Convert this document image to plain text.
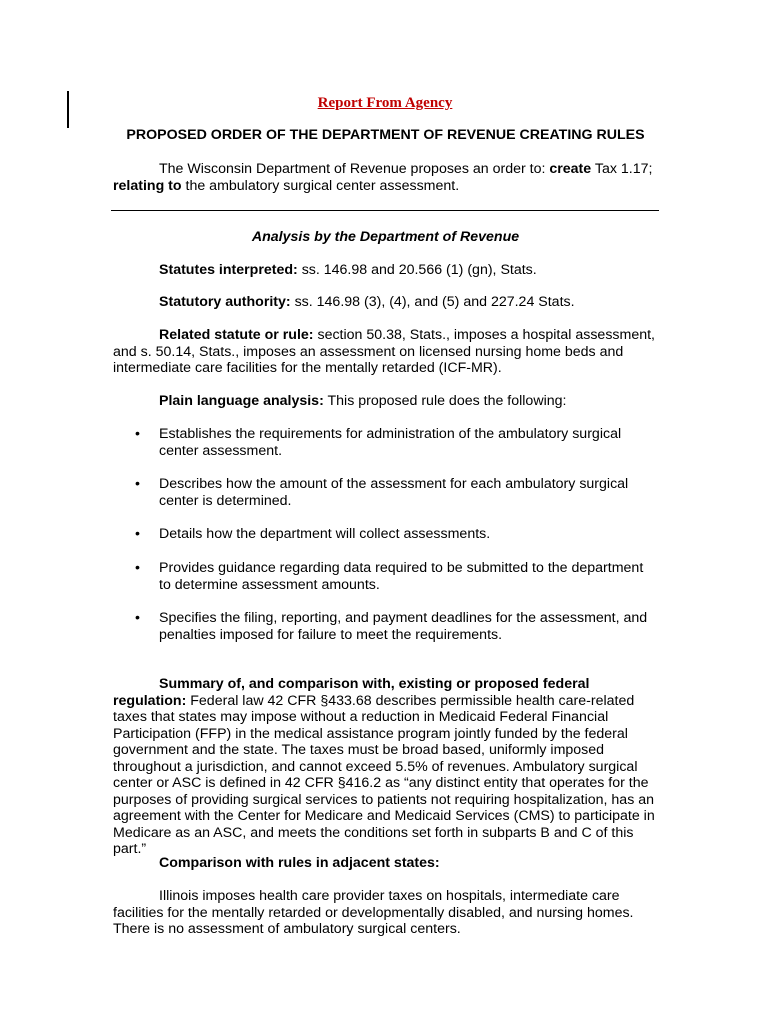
Report From Agency
PROPOSED ORDER OF THE DEPARTMENT OF REVENUE CREATING RULES
The Wisconsin Department of Revenue proposes an order to: create Tax 1.17; relating to the ambulatory surgical center assessment.
Analysis by the Department of Revenue
Statutes interpreted: ss. 146.98 and 20.566 (1) (gn), Stats.
Statutory authority: ss. 146.98 (3), (4), and (5) and 227.24 Stats.
Related statute or rule: section 50.38, Stats., imposes a hospital assessment, and s. 50.14, Stats., imposes an assessment on licensed nursing home beds and intermediate care facilities for the mentally retarded (ICF-MR).
Plain language analysis: This proposed rule does the following:
• Establishes the requirements for administration of the ambulatory surgical center assessment.
• Describes how the amount of the assessment for each ambulatory surgical center is determined.
• Details how the department will collect assessments.
• Provides guidance regarding data required to be submitted to the department to determine assessment amounts.
• Specifies the filing, reporting, and payment deadlines for the assessment, and penalties imposed for failure to meet the requirements.
Summary of, and comparison with, existing or proposed federal regulation: Federal law 42 CFR §433.68 describes permissible health care-related taxes that states may impose without a reduction in Medicaid Federal Financial Participation (FFP) in the medical assistance program jointly funded by the federal government and the state. The taxes must be broad based, uniformly imposed throughout a jurisdiction, and cannot exceed 5.5% of revenues. Ambulatory surgical center or ASC is defined in 42 CFR §416.2 as “any distinct entity that operates for the purposes of providing surgical services to patients not requiring hospitalization, has an agreement with the Center for Medicare and Medicaid Services (CMS) to participate in Medicare as an ASC, and meets the conditions set forth in subparts B and C of this part.”
Comparison with rules in adjacent states:
Illinois imposes health care provider taxes on hospitals, intermediate care facilities for the mentally retarded or developmentally disabled, and nursing homes. There is no assessment of ambulatory surgical centers.
